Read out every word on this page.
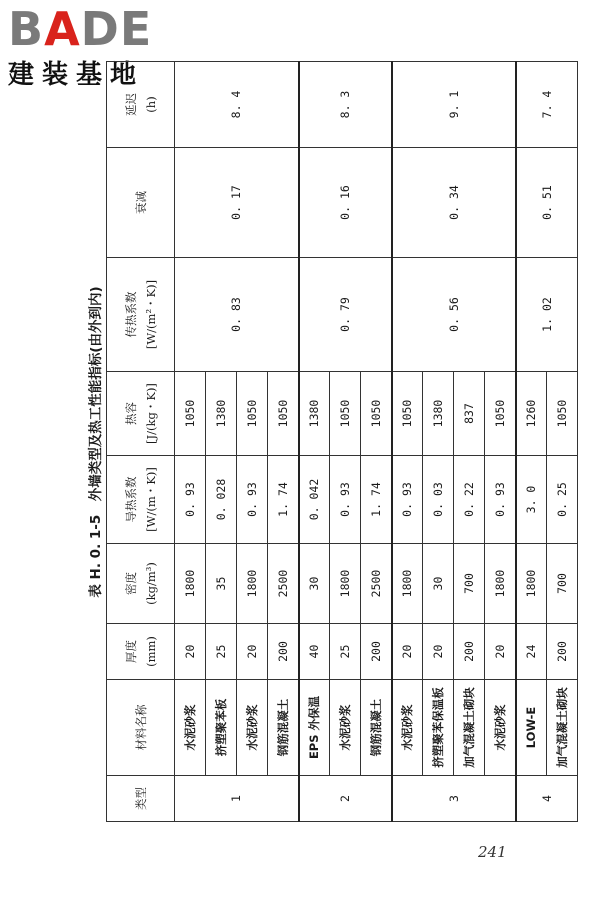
BADE
建装基地
表 H. 0. 1-5　外墙类型及热工性能指标(由外到内)
类型	材料名称	厚度 (mm)	密度 (kg/m³)	导热系数 [W/(m・K)]	热容 [J/(kg・K)]	传热系数 [W/(m²・K)]	衰减	延迟 (h)
1	水泥砂浆	20	1800	0. 93	1050	0. 83	0. 17	8. 4
	挤塑聚苯板	25	35	0. 028	1380			
	水泥砂浆	20	1800	0. 93	1050			
	钢筋混凝土	200	2500	1. 74	1050			
2	EPS 外保温	40	30	0. 042	1380	0. 79	0. 16	8. 3
	水泥砂浆	25	1800	0. 93	1050			
	钢筋混凝土	200	2500	1. 74	1050			
3	水泥砂浆	20	1800	0. 93	1050	0. 56	0. 34	9. 1
	挤塑聚苯保温板	20	30	0. 03	1380			
	加气混凝土砌块	200	700	0. 22	837			
	水泥砂浆	20	1800	0. 93	1050			
4	LOW-E	24	1800	3. 0	1260	1. 02	0. 51	7. 4
	加气混凝土砌块	200	700	0. 25	1050			
241
